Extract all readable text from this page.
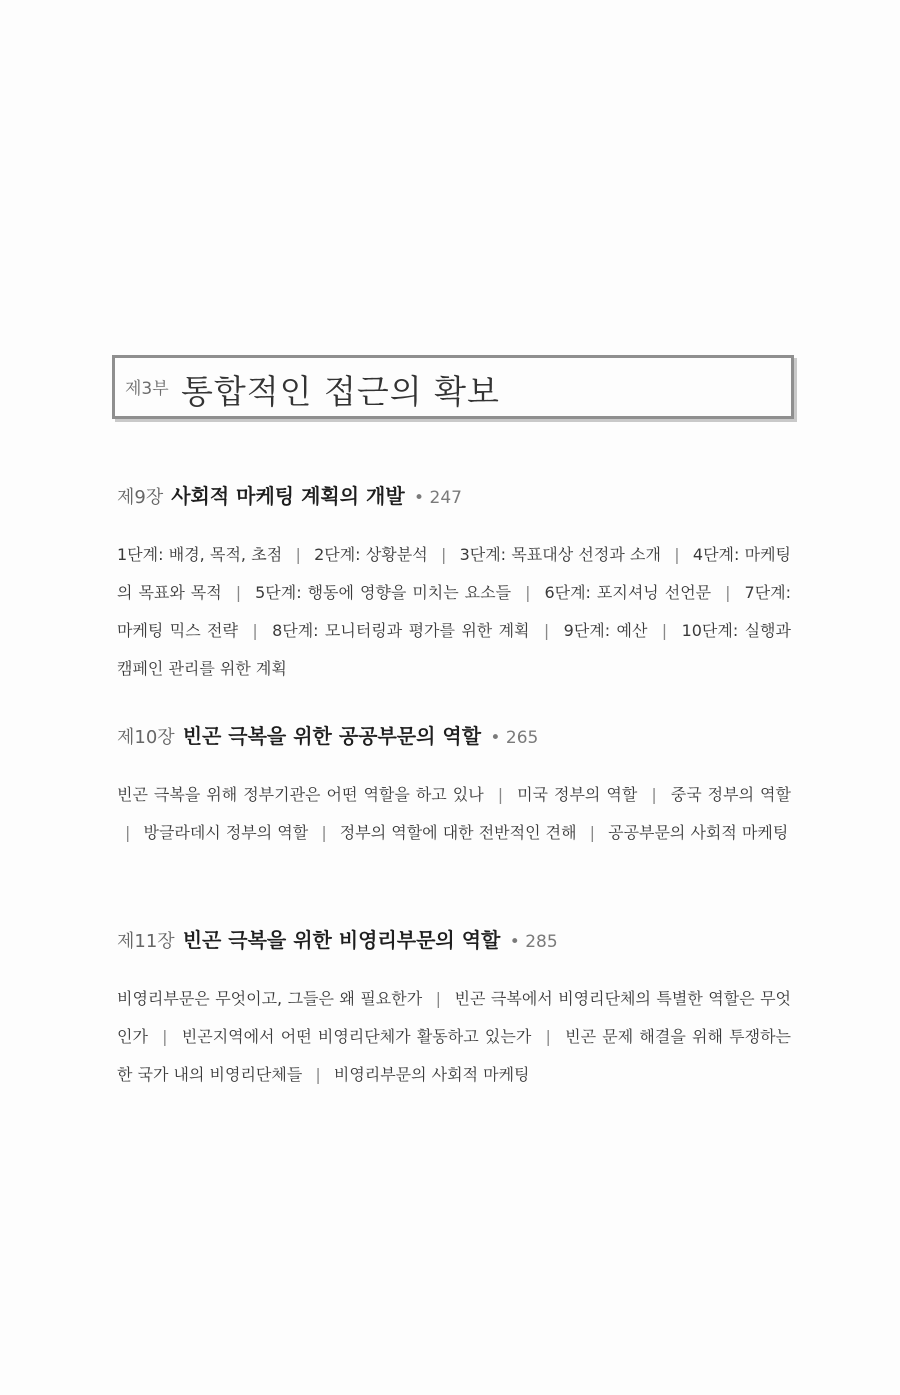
제3부 통합적인 접근의 확보
제9장 사회적 마케팅 계획의 개발 • 247
1단계: 배경, 목적, 초점 | 2단계: 상황분석 | 3단계: 목표대상 선정과 소개 | 4단계: 마케팅의 목표와 목적 | 5단계: 행동에 영향을 미치는 요소들 | 6단계: 포지셔닝 선언문 | 7단계: 마케팅 믹스 전략 | 8단계: 모니터링과 평가를 위한 계획 | 9단계: 예산 | 10단계: 실행과 캠페인 관리를 위한 계획
제10장 빈곤 극복을 위한 공공부문의 역할 • 265
빈곤 극복을 위해 정부기관은 어떤 역할을 하고 있나 | 미국 정부의 역할 | 중국 정부의 역할 | 방글라데시 정부의 역할 | 정부의 역할에 대한 전반적인 견해 | 공공부문의 사회적 마케팅
제11장 빈곤 극복을 위한 비영리부문의 역할 • 285
비영리부문은 무엇이고, 그들은 왜 필요한가 | 빈곤 극복에서 비영리단체의 특별한 역할은 무엇인가 | 빈곤지역에서 어떤 비영리단체가 활동하고 있는가 | 빈곤 문제 해결을 위해 투쟁하는 한 국가 내의 비영리단체들 | 비영리부문의 사회적 마케팅
